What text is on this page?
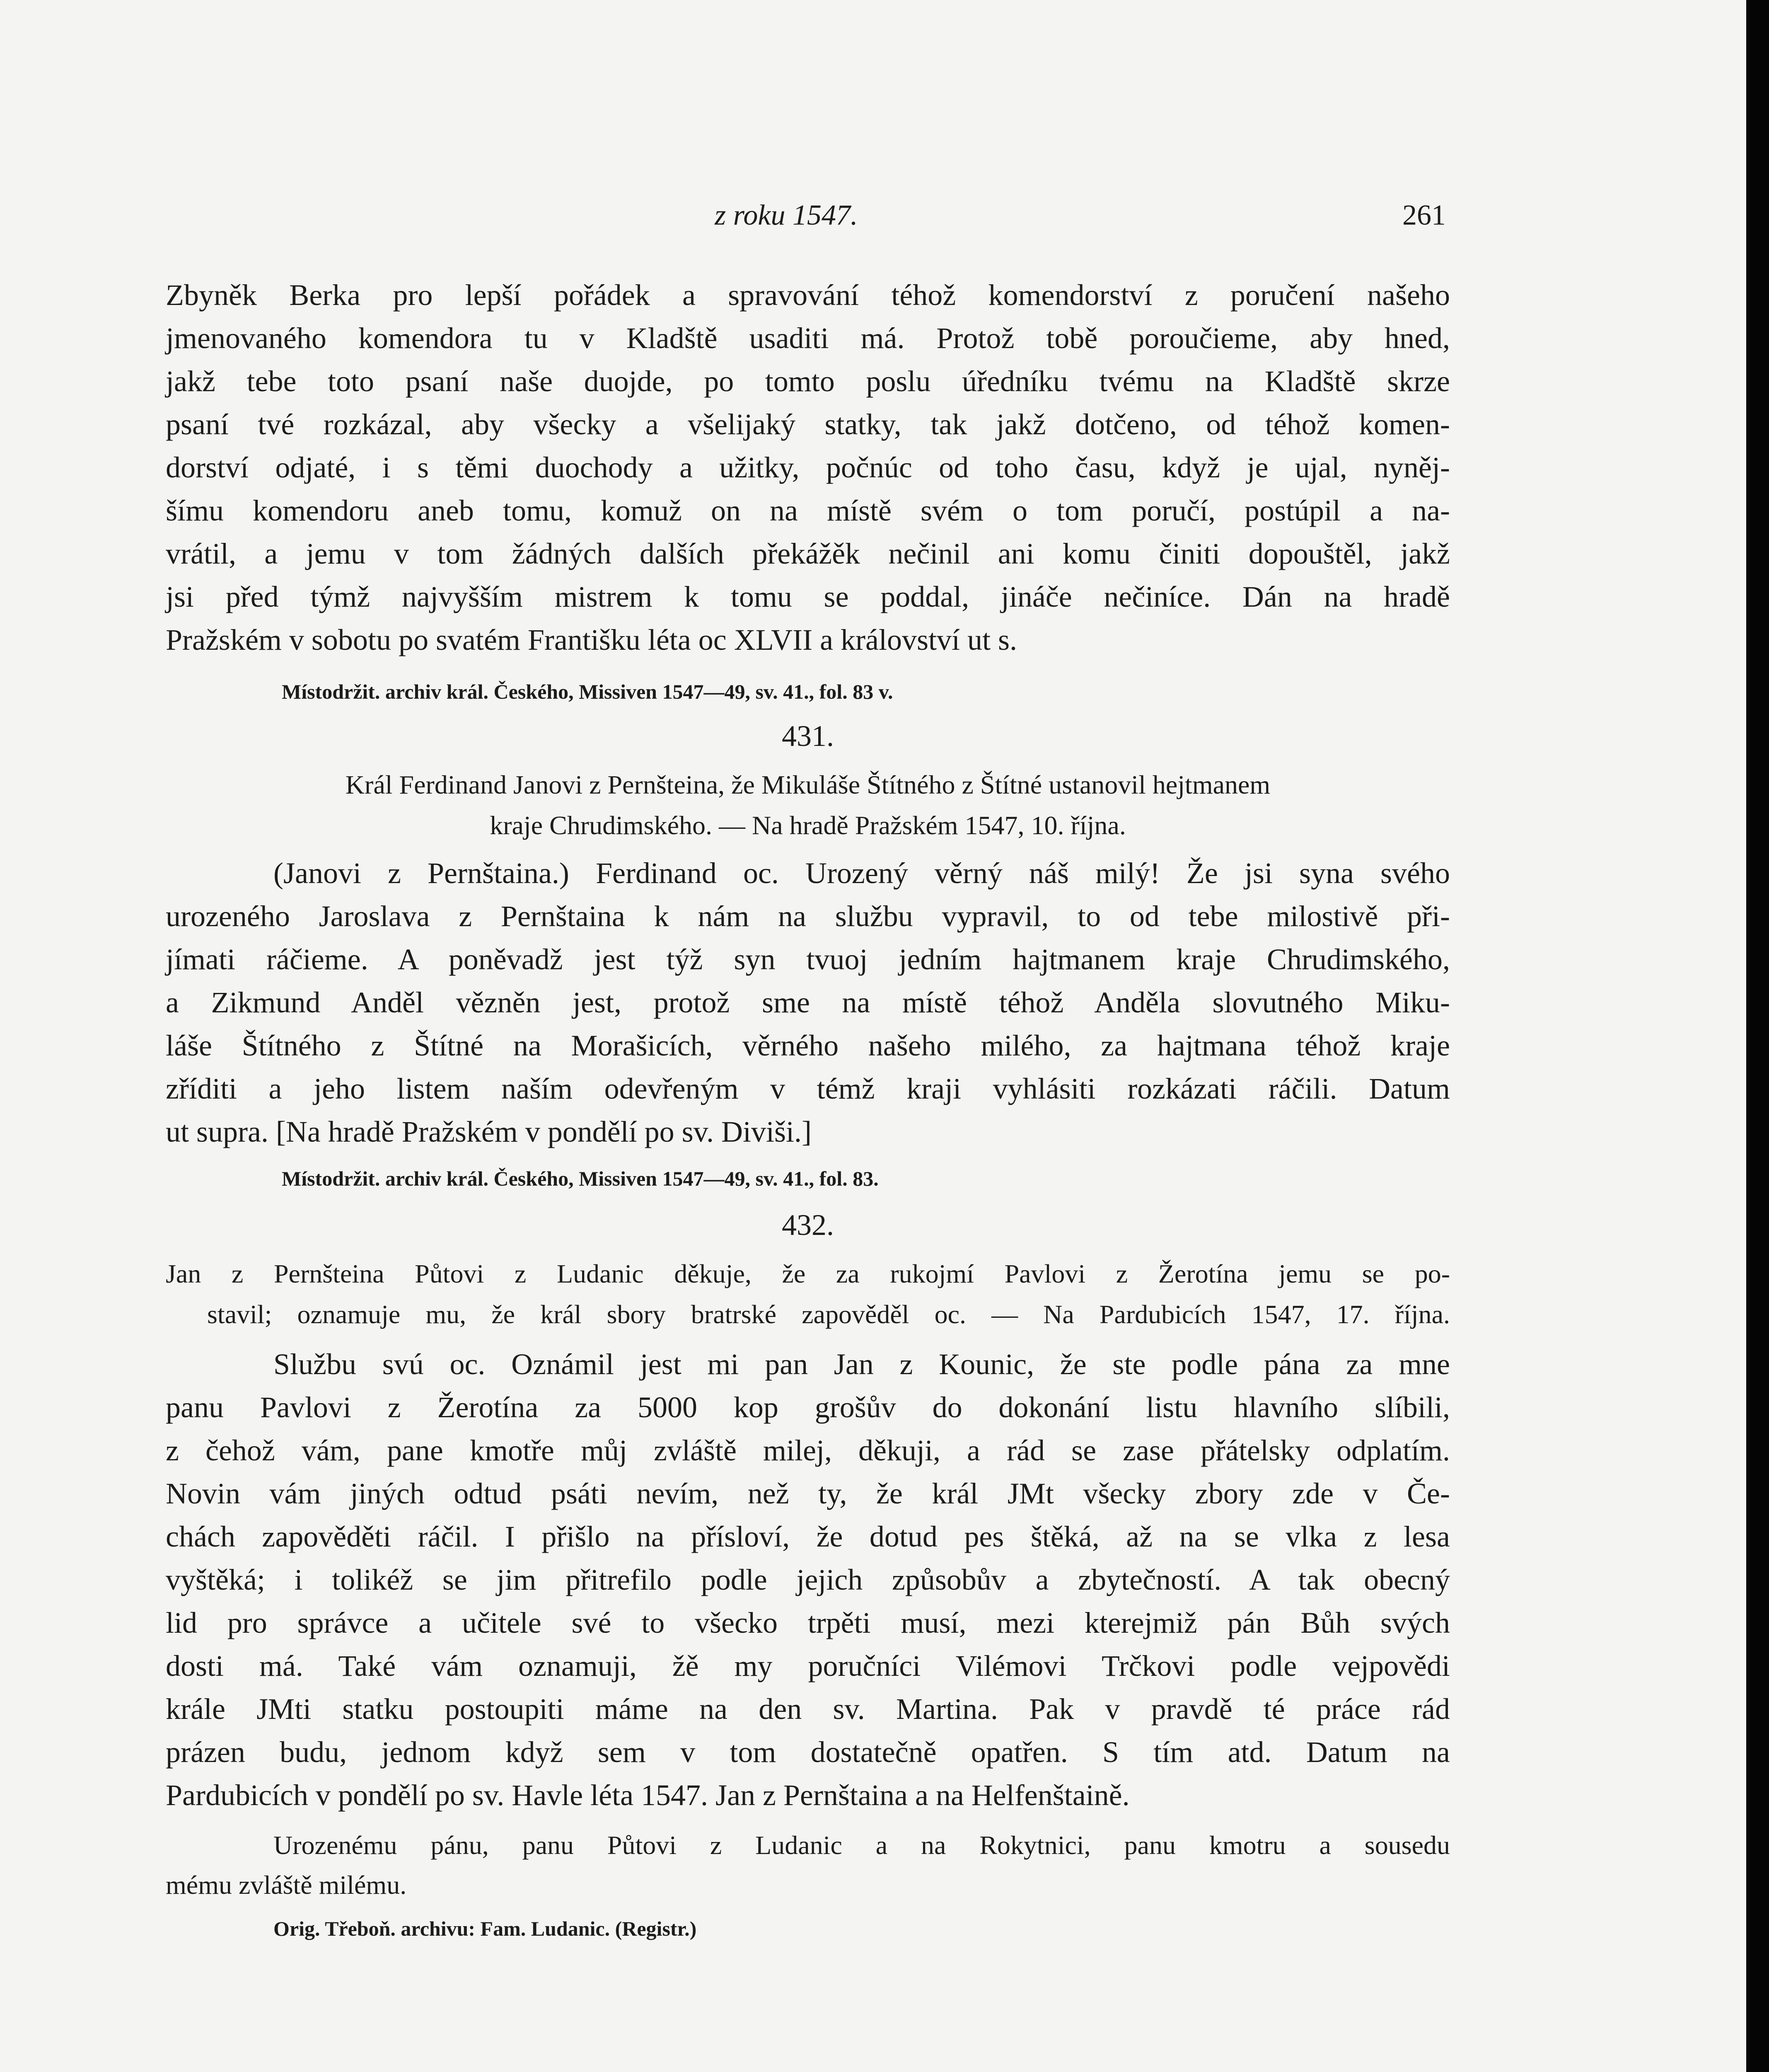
z roku 1547.	261
Zbyněk Berka pro lepší pořádek a spravování téhož komendorství z poručení našeho
jmenovaného komendora tu v Kladště usaditi má. Protož tobě poroučieme, aby hned,
jakž tebe toto psaní naše duojde, po tomto poslu úředníku tvému na Kladště skrze
psaní tvé rozkázal, aby všecky a všelijaký statky, tak jakž dotčeno, od téhož komen-
dorství odjaté, i s těmi duochody a užitky, počnúc od toho času, když je ujal, nyněj-
šímu komendoru aneb tomu, komuž on na místě svém o tom poručí, postúpil a na-
vrátil, a jemu v tom žádných dalších překážěk nečinil ani komu činiti dopouštěl, jakž
jsi před týmž najvyšším mistrem k tomu se poddal, jináče nečiníce. Dán na hradě
Pražském v sobotu po svatém Františku léta oc XLVII a království ut s.
Místodržit. archiv král. Českého, Missiven 1547—49, sv. 41., fol. 83 v.
431.
Král Ferdinand Janovi z Pernšteina, že Mikuláše Štítného z Štítné ustanovil hejtmanem
kraje Chrudimského. — Na hradě Pražském 1547, 10. října.
(Janovi z Pernštaina.) Ferdinand oc. Urozený věrný náš milý! Že jsi syna svého
urozeného Jaroslava z Pernštaina k nám na službu vypravil, to od tebe milostivě při-
jímati ráčieme. A poněvadž jest týž syn tvuoj jedním hajtmanem kraje Chrudimského,
a Zikmund Anděl vězněn jest, protož sme na místě téhož Anděla slovutného Miku-
láše Štítného z Štítné na Morašicích, věrného našeho milého, za hajtmana téhož kraje
zříditi a jeho listem naším odevřeným v témž kraji vyhlásiti rozkázati ráčili. Datum
ut supra. [Na hradě Pražském v pondělí po sv. Diviši.]
Místodržit. archiv král. Českého, Missiven 1547—49, sv. 41., fol. 83.
432.
Jan z Pernšteina Půtovi z Ludanic děkuje, že za rukojmí Pavlovi z Žerotína jemu se po-
stavil; oznamuje mu, že král sbory bratrské zapověděl oc. — Na Pardubicích 1547, 17. října.
Službu svú oc. Oznámil jest mi pan Jan z Kounic, že ste podle pána za mne
panu Pavlovi z Žerotína za 5000 kop grošův do dokonání listu hlavního slíbili,
z čehož vám, pane kmotře můj zvláště milej, děkuji, a rád se zase přátelsky odplatím.
Novin vám jiných odtud psáti nevím, než ty, že král JMt všecky zbory zde v Če-
chách zapověděti ráčil. I přišlo na přísloví, že dotud pes štěká, až na se vlka z lesa
vyštěká; i tolikéž se jim přitrefilo podle jejich způsobův a zbytečností. A tak obecný
lid pro správce a učitele své to všecko trpěti musí, mezi kterejmiž pán Bůh svých
dosti má. Také vám oznamuji, žě my poručníci Vilémovi Trčkovi podle vejpovědi
krále JMti statku postoupiti máme na den sv. Martina. Pak v pravdě té práce rád
prázen budu, jednom když sem v tom dostatečně opatřen. S tím atd. Datum na
Pardubicích v pondělí po sv. Havle léta 1547. Jan z Pernštaina a na Helfenštaině.
Urozenému pánu, panu Půtovi z Ludanic a na Rokytnici, panu kmotru a sousedu
mému zvláště milému.
Orig. Třeboň. archivu: Fam. Ludanic. (Registr.)
